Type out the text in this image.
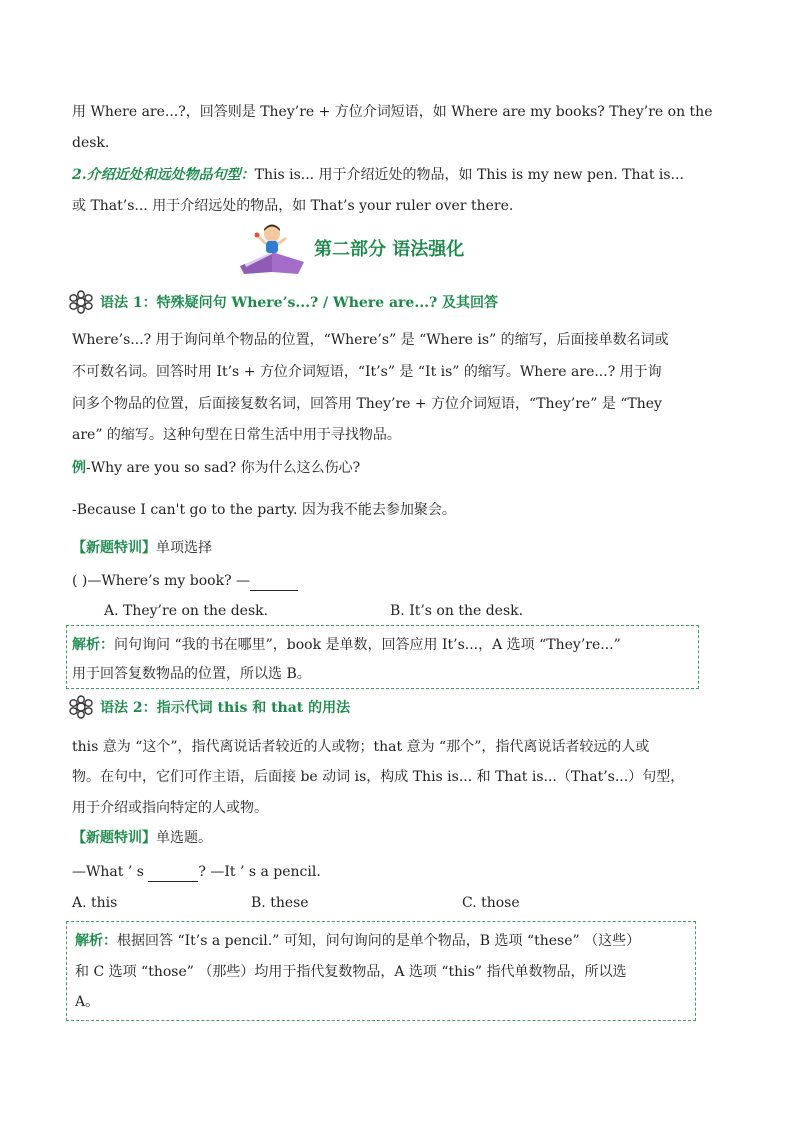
用 Where are...?，回答则是 They’re + 方位介词短语，如 Where are my books? They’re on the
desk.
2.介绍近处和远处物品句型：This is... 用于介绍近处的物品，如 This is my new pen. That is...
或 That’s... 用于介绍远处的物品，如 That’s your ruler over there.
第二部分 语法强化
语法 1：特殊疑问句 Where’s...? / Where are...? 及其回答
Where’s...? 用于询问单个物品的位置，“Where’s” 是 “Where is” 的缩写，后面接单数名词或
不可数名词。回答时用 It’s + 方位介词短语，“It’s” 是 “It is” 的缩写。Where are...? 用于询
问多个物品的位置，后面接复数名词，回答用 They’re + 方位介词短语，“They’re” 是 “They
are” 的缩写。这种句型在日常生活中用于寻找物品。
例-Why are you so sad? 你为什么这么伤心?
-Because I can't go to the party. 因为我不能去参加聚会。
【新题特训】单项选择
( )—Where’s my book? —
A. They’re on the desk.	B. It’s on the desk.
解析：问句询问 “我的书在哪里”，book 是单数，回答应用 It’s...，A 选项 “They’re...”
用于回答复数物品的位置，所以选 B。
语法 2：指示代词 this 和 that 的用法
this 意为 “这个”，指代离说话者较近的人或物；that 意为 “那个”，指代离说话者较远的人或
物。在句中，它们可作主语，后面接 be 动词 is，构成 This is... 和 That is...（That’s...）句型，
用于介绍或指向特定的人或物。
【新题特训】单选题。
—What ’ s	? —It ’ s a pencil.
A. this	B. these	C. those
解析：根据回答 “It’s a pencil.” 可知，问句询问的是单个物品，B 选项 “these” （这些）
和 C 选项 “those” （那些）均用于指代复数物品，A 选项 “this” 指代单数物品，所以选
A。
